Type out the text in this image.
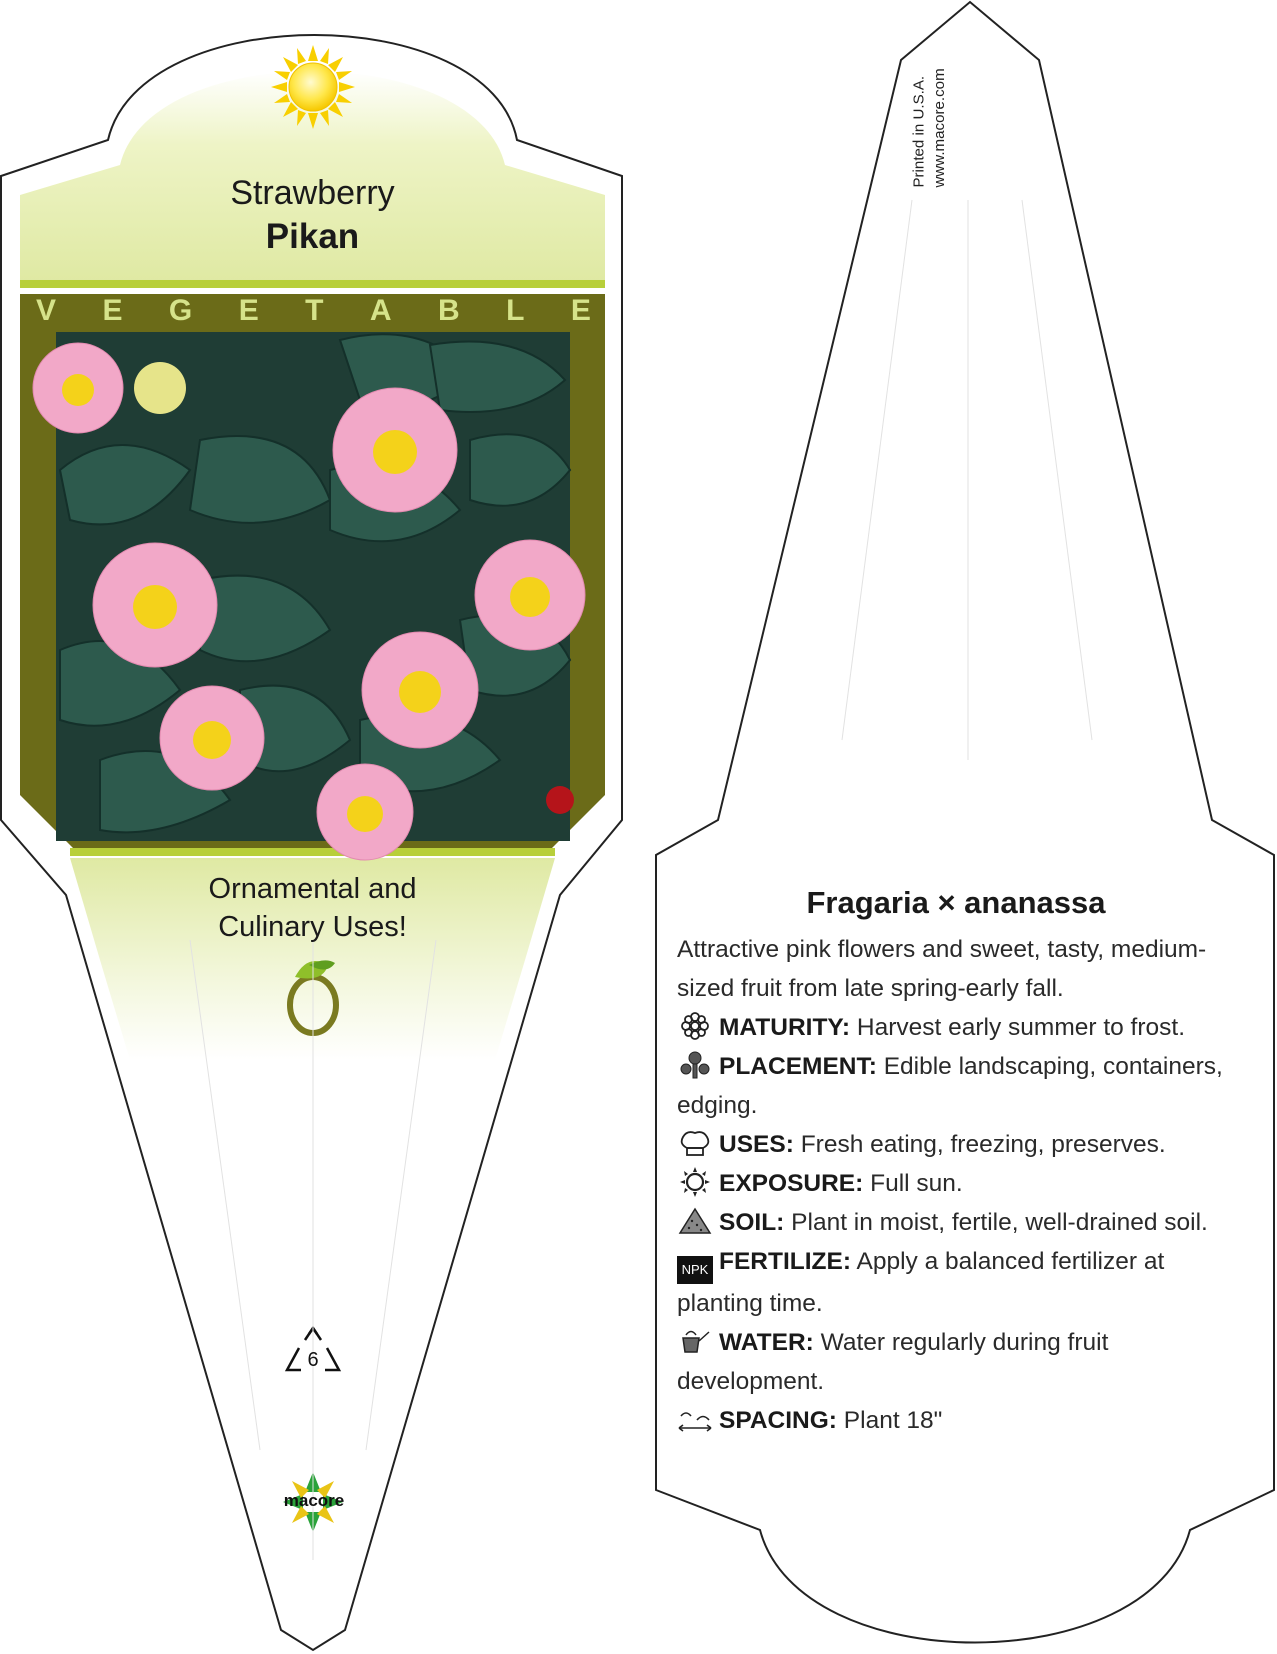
Strawberry
Pikan
V E G E T A B L E
Ornamental and
Culinary Uses!
6
macore
Printed in U.S.A. www.macore.com
Fragaria × ananassa

Attractive pink flowers and sweet, tasty, medium-sized fruit from late spring-early fall.

MATURITY: Harvest early summer to frost.
PLACEMENT: Edible landscaping, containers, edging.
USES: Fresh eating, freezing, preserves.
EXPOSURE: Full sun.
SOIL: Plant in moist, fertile, well-drained soil.
NPK FERTILIZE: Apply a balanced fertilizer at planting time.
WATER: Water regularly during fruit development.
SPACING: Plant 18"
